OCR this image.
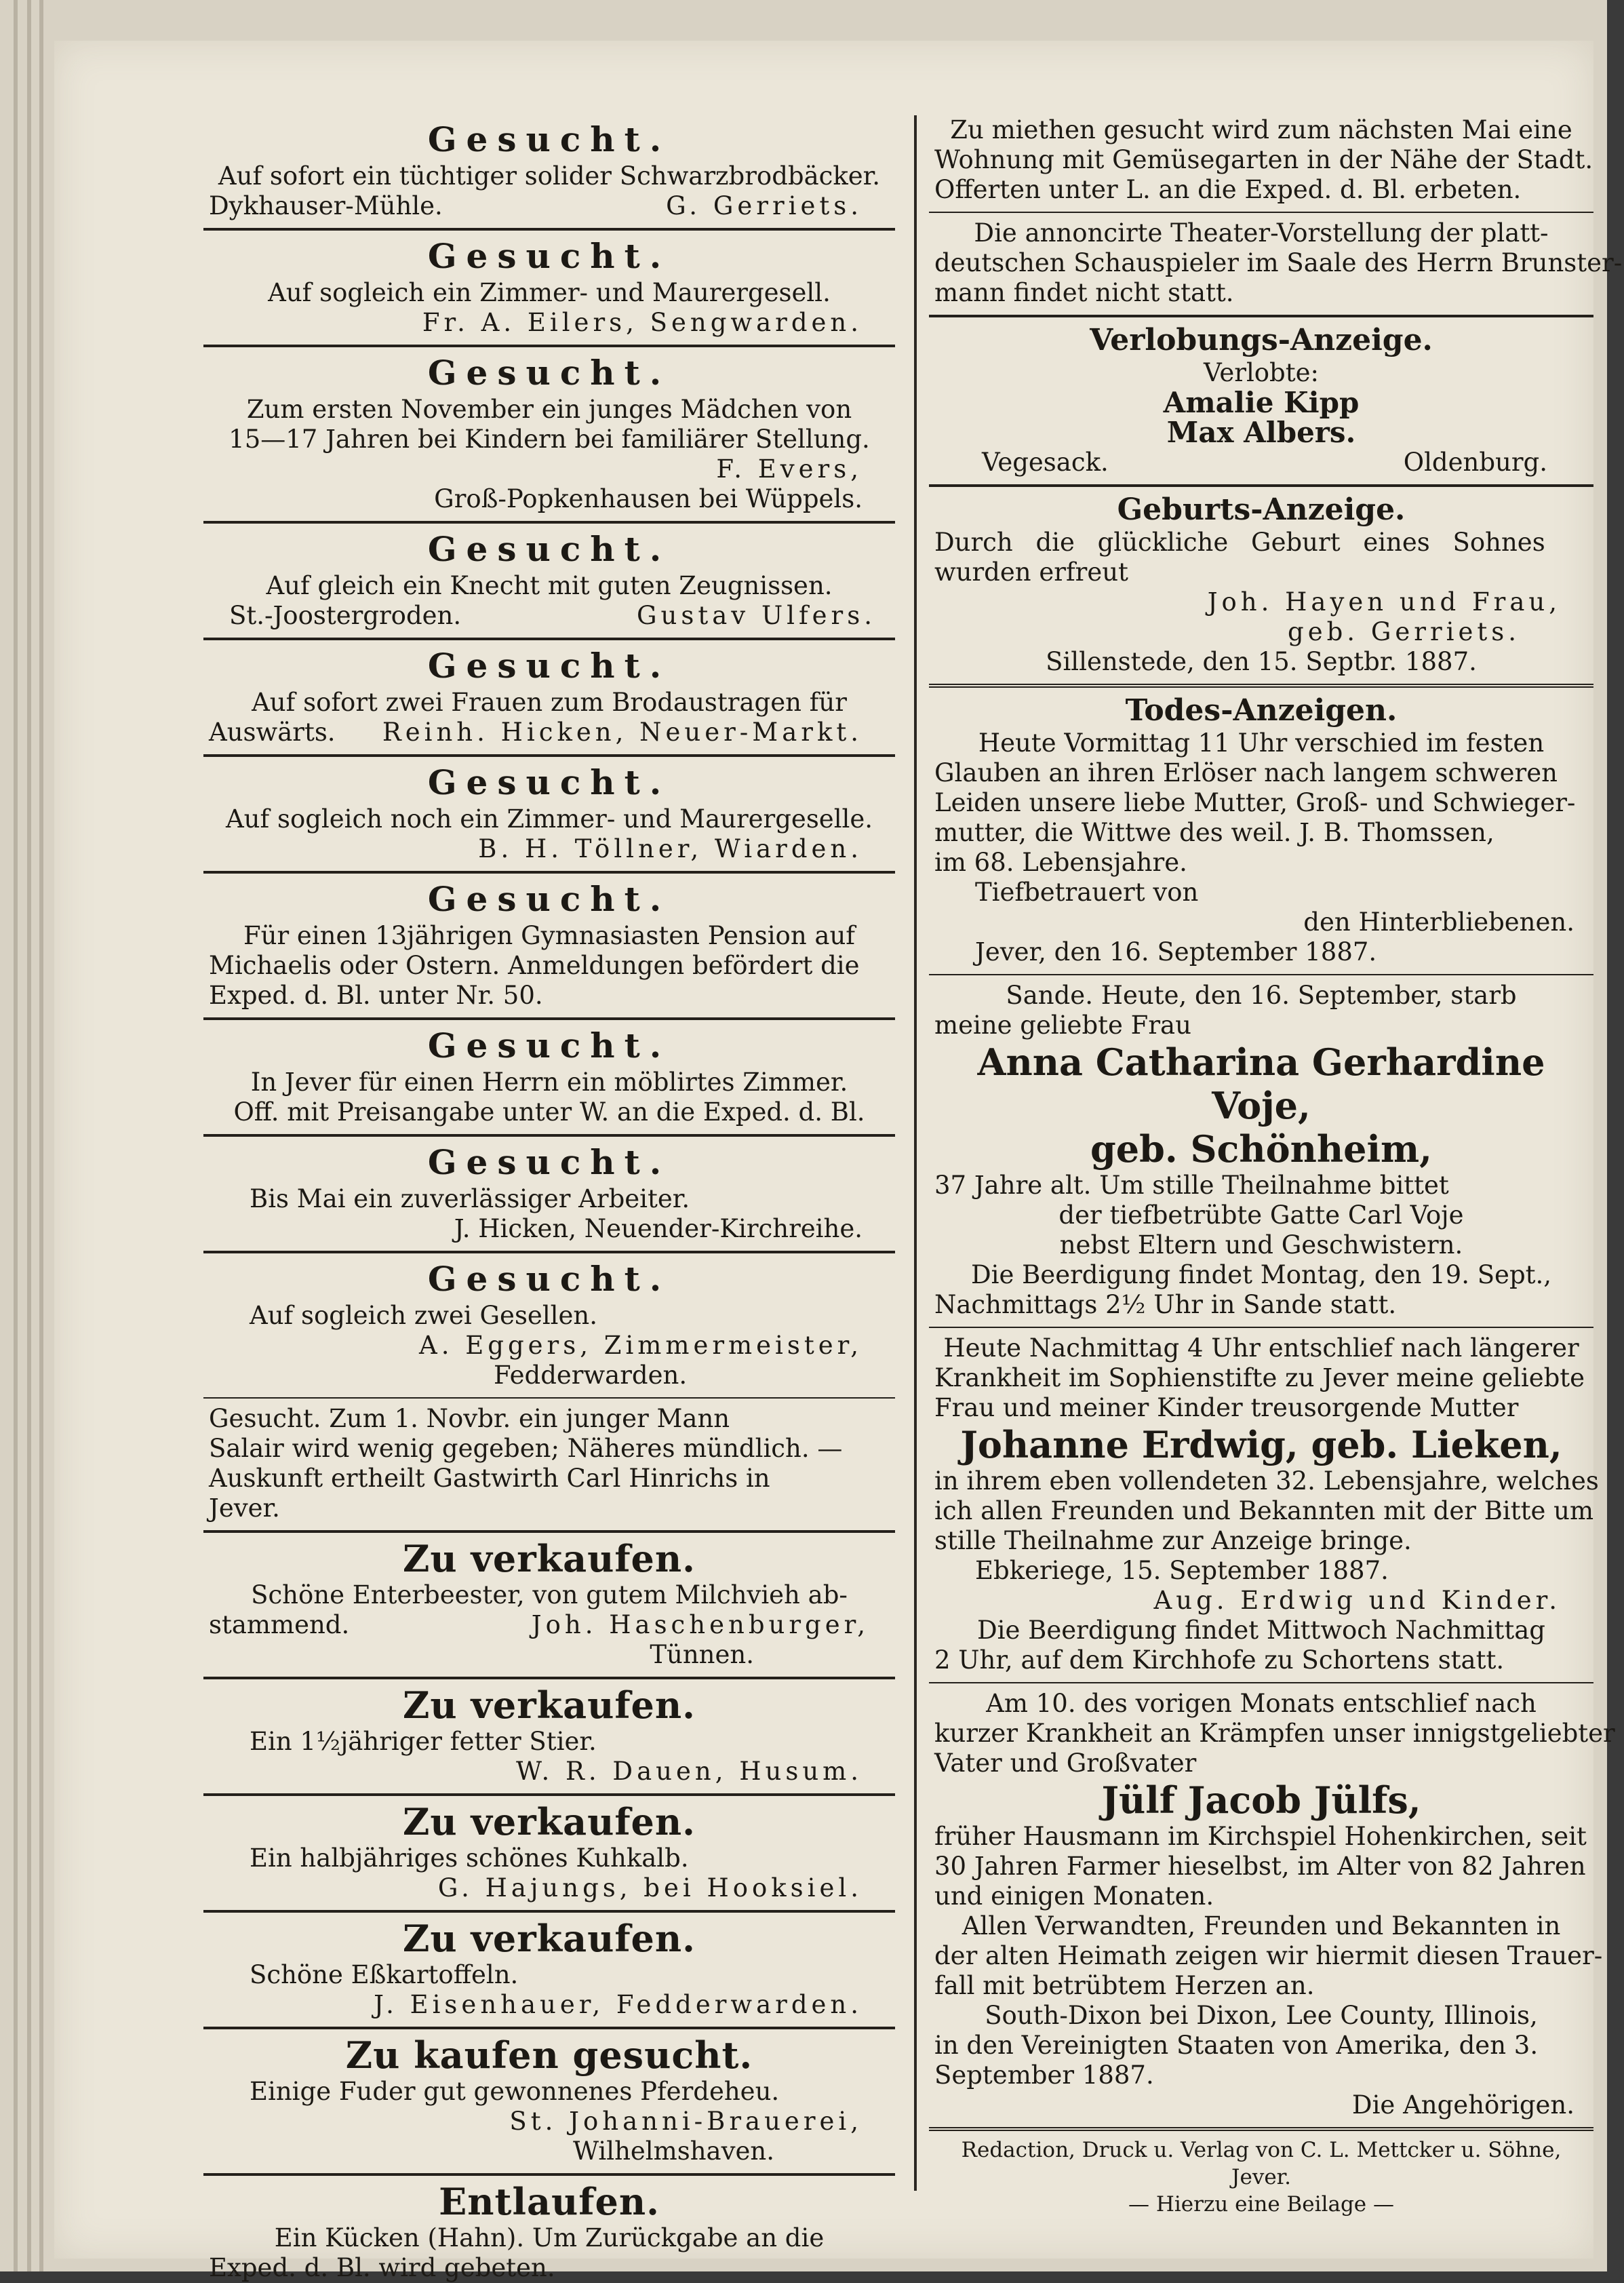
Gesucht.
Auf sofort ein tüchtiger solider Schwarzbrodbäcker.
Dykhauser-Mühle.	G. Gerriets.
Gesucht.
Auf sogleich ein Zimmer- und Maurergesell.
Fr. A. Eilers, Sengwarden.
Gesucht.
Zum ersten November ein junges Mädchen von
15—17 Jahren bei Kindern bei familiärer Stellung.
F. Evers,
Groß-Popkenhausen bei Wüppels.
Gesucht.
Auf gleich ein Knecht mit guten Zeugnissen.
St.-Joostergroden.	Gustav Ulfers.
Gesucht.
Auf sofort zwei Frauen zum Brodaustragen für
Auswärts. Reinh. Hicken, Neuer-Markt.
Gesucht.
Auf sogleich noch ein Zimmer- und Maurergeselle.
B. H. Töllner, Wiarden.
Gesucht.
Für einen 13jährigen Gymnasiasten Pension auf
Michaelis oder Ostern. Anmeldungen befördert die
Exped. d. Bl. unter Nr. 50.
Gesucht.
In Jever für einen Herrn ein möblirtes Zimmer.
Off. mit Preisangabe unter W. an die Exped. d. Bl.
Gesucht.
Bis Mai ein zuverlässiger Arbeiter.
J. Hicken, Neuender-Kirchreihe.
Gesucht.
Auf sogleich zwei Gesellen.
A. Eggers, Zimmermeister,
Fedderwarden.
Gesucht. Zum 1. Novbr. ein junger Mann
Salair wird wenig gegeben; Näheres mündlich. —
Auskunft ertheilt Gastwirth Carl Hinrichs in
Jever.
Zu verkaufen.
Schöne Enterbeester, von gutem Milchvieh ab-
stammend.	Joh. Haschenburger,
Tünnen.
Zu verkaufen.
Ein 1½jähriger fetter Stier.
W. R. Dauen, Husum.
Zu verkaufen.
Ein halbjähriges schönes Kuhkalb.
G. Hajungs, bei Hooksiel.
Zu verkaufen.
Schöne Eßkartoffeln.
J. Eisenhauer, Fedderwarden.
Zu kaufen gesucht.
Einige Fuder gut gewonnenes Pferdeheu.
St. Johanni-Brauerei,
Wilhelmshaven.
Entlaufen.
Ein Kücken (Hahn). Um Zurückgabe an die
Exped. d. Bl. wird gebeten.
Zu miethen gesucht wird zum nächsten Mai eine
Wohnung mit Gemüsegarten in der Nähe der Stadt.
Offerten unter L. an die Exped. d. Bl. erbeten.
Die annoncirte Theater-Vorstellung der platt-
deutschen Schauspieler im Saale des Herrn Brunster-
mann findet nicht statt.
Verlobungs-Anzeige.
Verlobte:
Amalie Kipp
Max Albers.
Vegesack.	Oldenburg.
Geburts-Anzeige.
Durch die glückliche Geburt eines Sohnes
wurden erfreut
Joh. Hayen und Frau,
geb. Gerriets.
Sillenstede, den 15. Septbr. 1887.
Todes-Anzeigen.
Heute Vormittag 11 Uhr verschied im festen
Glauben an ihren Erlöser nach langem schweren
Leiden unsere liebe Mutter, Groß- und Schwieger-
mutter, die Wittwe des weil. J. B. Thomssen,
im 68. Lebensjahre.
Tiefbetrauert von
den Hinterbliebenen.
Jever, den 16. September 1887.
Sande. Heute, den 16. September, starb
meine geliebte Frau
Anna Catharina Gerhardine Voje,
geb. Schönheim,
37 Jahre alt. Um stille Theilnahme bittet
der tiefbetrübte Gatte Carl Voje
nebst Eltern und Geschwistern.
Die Beerdigung findet Montag, den 19. Sept.,
Nachmittags 2½ Uhr in Sande statt.
Heute Nachmittag 4 Uhr entschlief nach längerer
Krankheit im Sophienstifte zu Jever meine geliebte
Frau und meiner Kinder treusorgende Mutter
Johanne Erdwig, geb. Lieken,
in ihrem eben vollendeten 32. Lebensjahre, welches
ich allen Freunden und Bekannten mit der Bitte um
stille Theilnahme zur Anzeige bringe.
Ebkeriege, 15. September 1887.
Aug. Erdwig und Kinder.
Die Beerdigung findet Mittwoch Nachmittag
2 Uhr, auf dem Kirchhofe zu Schortens statt.
Am 10. des vorigen Monats entschlief nach
kurzer Krankheit an Krämpfen unser innigstgeliebter
Vater und Großvater
Jülf Jacob Jülfs,
früher Hausmann im Kirchspiel Hohenkirchen, seit
30 Jahren Farmer hieselbst, im Alter von 82 Jahren
und einigen Monaten.
Allen Verwandten, Freunden und Bekannten in
der alten Heimath zeigen wir hiermit diesen Trauer-
fall mit betrübtem Herzen an.
South-Dixon bei Dixon, Lee County, Illinois,
in den Vereinigten Staaten von Amerika, den 3.
September 1887.
Die Angehörigen.
Redaction, Druck u. Verlag von C. L. Mettcker u. Söhne, Jever.
— Hierzu eine Beilage —
